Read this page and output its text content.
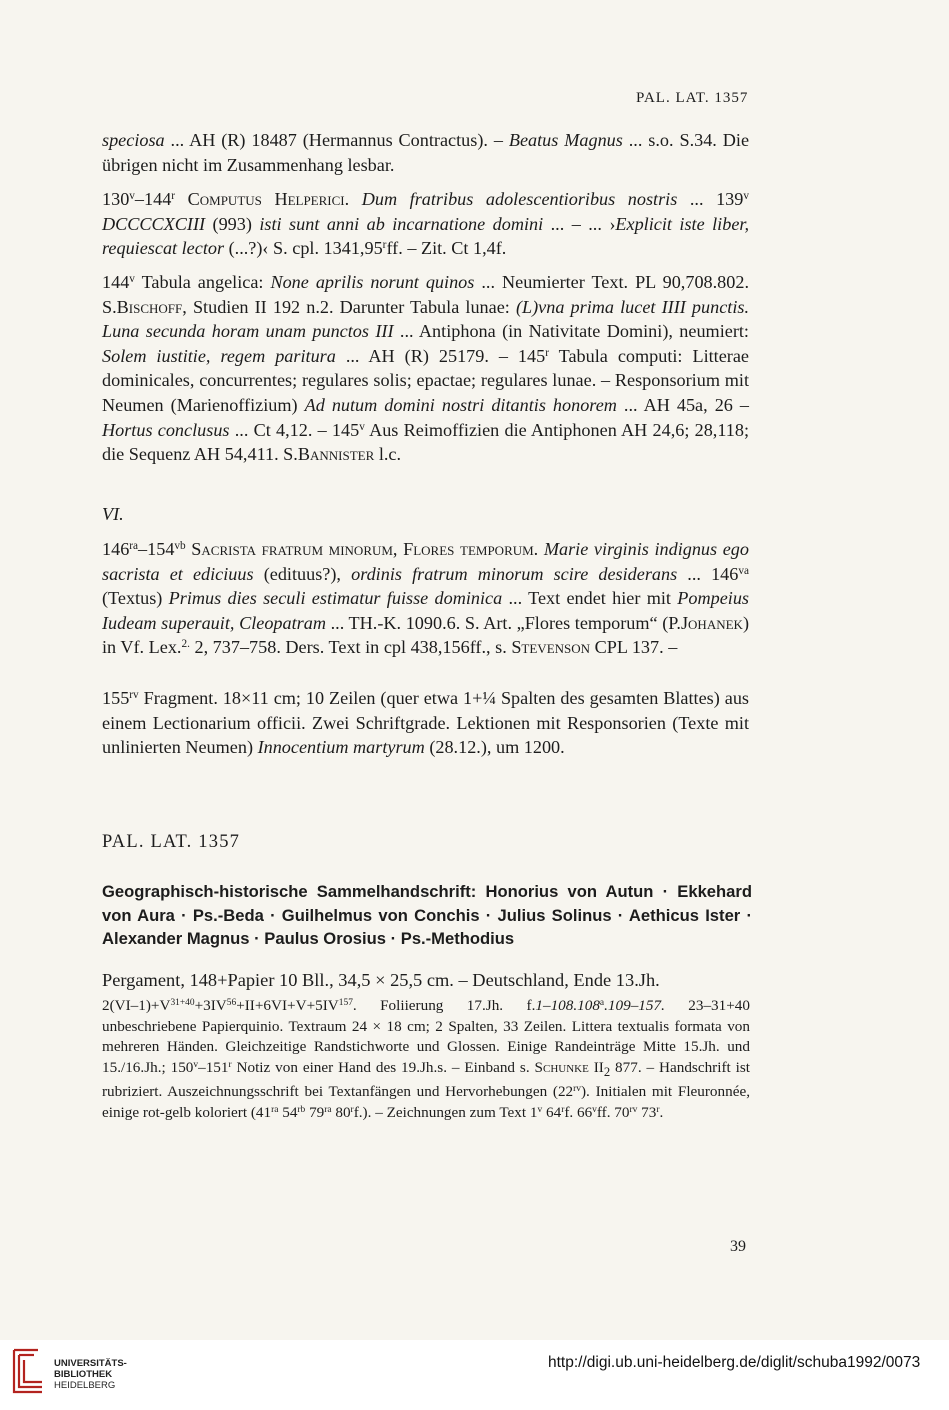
PAL. LAT. 1357
speciosa ... AH (R) 18487 (Hermannus Contractus). – Beatus Magnus ... s.o. S.34. Die übrigen nicht im Zusammenhang lesbar.
130$^v$–144$^r$ Computus Helperici. Dum fratribus adolescentioribus nostris ... 139$^v$ DCCCCXCIII (993) isti sunt anni ab incarnatione domini ... – ... ›Explicit iste liber, requiescat lector (...?)‹ S. cpl. 1341,95$^r$ff. – Zit. Ct 1,4f.
144$^v$ Tabula angelica: None aprilis norunt quinos ... Neumierter Text. PL 90,708.802. S.Bischoff, Studien II 192 n.2. Darunter Tabula lunae: (L)vna prima lucet IIII punctis. Luna secunda horam unam punctos III ... Antiphona (in Nativitate Domini), neumiert: Solem iustitie, regem paritura ... AH (R) 25179. – 145$^r$ Tabula computi: Litterae dominicales, concurrentes; regulares solis; epactae; regulares lunae. – Responsorium mit Neumen (Marienoffizium) Ad nutum domini nostri ditantis honorem ... AH 45a, 26 – Hortus conclusus ... Ct 4,12. – 145$^v$ Aus Reimoffizien die Antiphonen AH 24,6; 28,118; die Sequenz AH 54,411. S.Bannister l.c.
VI.
$146^{ra}-154^{vb}$ Sacrista fratrum minorum, Flores temporum. Marie virginis indignus ego sacrista et ediciuus (edituus?), ordinis fratrum minorum scire desiderans ... $146^{va}$ (Textus) Primus dies seculi estimatur fuisse dominica ... Text endet hier mit Pompeius Iudeam superauit, Cleopatram ... TH.-K. 1090.6. S. Art. „Flores temporum“ (P.Johanek) in Vf. Lex.$^{2.}$ 2, 737–758. Ders. Text in cpl 438,156ff., s. Stevenson CPL 137. –
$155^{rv}$ Fragment. 18×11 cm; 10 Zeilen (quer etwa 1+¼ Spalten des gesamten Blattes) aus einem Lectionarium officii. Zwei Schriftgrade. Lektionen mit Responsorien (Texte mit unlinierten Neumen) Innocentium martyrum (28.12.), um 1200.
PAL. LAT. 1357
Geographisch-historische Sammelhandschrift: Honorius von Autun · Ekkehard von Aura · Ps.-Beda · Guilhelmus von Conchis · Julius Solinus · Aethicus Ister · Alexander Magnus · Paulus Orosius · Ps.-Methodius
Pergament, 148+Papier 10 Bll., 34,5 × 25,5 cm. – Deutschland, Ende 13.Jh.
$2(VI-1)+V^{31+40}+3IV^{56}+II+6VI+V+5IV^{157}$. Foliierung 17.Jh. f.1–108.108$^a$.109–157. 23–31+40 unbeschriebene Papierquinio. Textraum 24 × 18 cm; 2 Spalten, 33 Zeilen. Littera textualis formata von mehreren Händen. Gleichzeitige Randstichworte und Glossen. Einige Randeinträge Mitte 15.Jh. und 15./16.Jh.; 150$^v$–151$^r$ Notiz von einer Hand des 19.Jh.s. – Einband s. Schunke $II_2$ 877. – Handschrift ist rubriziert. Auszeichnungsschrift bei Textanfängen und Hervorhebungen $(22^{rv})$. Initialen mit Fleuronnée, einige rot-gelb koloriert ($41^{ra}$ $54^{rb}$ $79^{ra}$ 80$^r$f.). – Zeichnungen zum Text 1$^v$ 64$^r$f. 66$^v$ff. $70^{rv}$ 73$^r$.
39
UNIVERSITÄTS-
BIBLIOTHEK
HEIDELBERG
http://digi.ub.uni-heidelberg.de/diglit/schuba1992/0073
